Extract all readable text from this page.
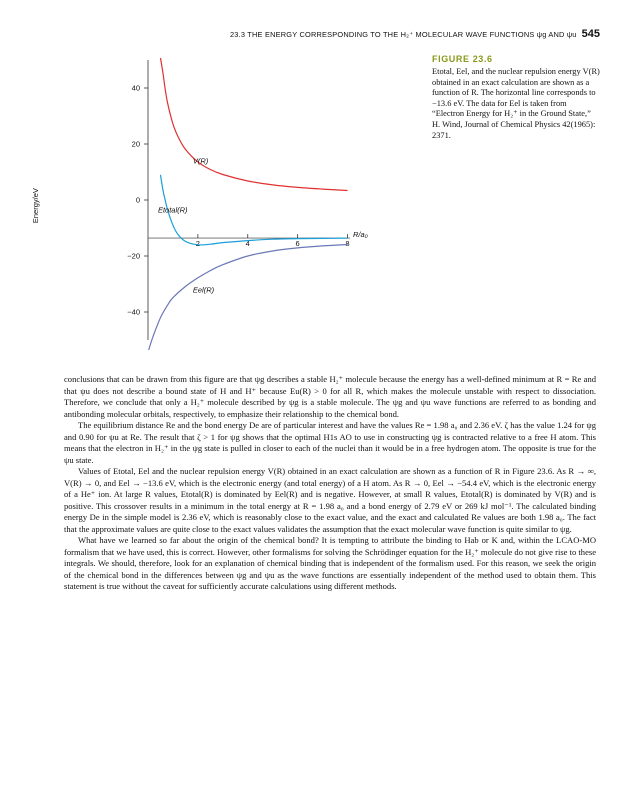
23.3 THE ENERGY CORRESPONDING TO THE H₂⁺ MOLECULAR WAVE FUNCTIONS ψg AND ψu 545
FIGURE 23.6
Etotal, Eel, and the nuclear repulsion energy V(R) obtained in an exact calculation are shown as a function of R. The horizontal line corresponds to −13.6 eV. The data for Eel is taken from “Electron Energy for H₂⁺ in the Ground State,” H. Wind, Journal of Chemical Physics 42(1965): 2371.
40
20
0
−20
−40
Energy/eV
2	4	6	8
R/a₀
V(R)
Etotal(R)
Eel(R)

conclusions that can be drawn from this figure are that ψg describes a stable H₂⁺ molecule because the energy has a well-defined minimum at R = Re and that ψu does not describe a bound state of H and H⁺ because Eu(R) > 0 for all R, which makes the molecule unstable with respect to dissociation. Therefore, we conclude that only a H₂⁺ molecule described by ψg is a stable molecule. The ψg and ψu wave functions are referred to as bonding and antibonding molecular orbitals, respectively, to emphasize their relationship to the chemical bond.

The equilibrium distance Re and the bond energy De are of particular interest and have the values Re = 1.98 a₀ and 2.36 eV. ζ has the value 1.24 for ψg and 0.90 for ψu at Re. The result that ζ > 1 for ψg shows that the optimal H1s AO to use in constructing ψg is contracted relative to a free H atom. This means that the electron in H₂⁺ in the ψg state is pulled in closer to each of the nuclei than it would be in a free hydrogen atom. The opposite is true for the ψu state.

Values of Etotal, Eel and the nuclear repulsion energy V(R) obtained in an exact calculation are shown as a function of R in Figure 23.6. As R → ∞, V(R) → 0, and Eel → −13.6 eV, which is the electronic energy (and total energy) of a H atom. As R → 0, Eel → −54.4 eV, which is the electronic energy of a He⁺ ion. At large R values, Etotal(R) is dominated by Eel(R) and is negative. However, at small R values, Etotal(R) is dominated by V(R) and is positive. This crossover results in a minimum in the total energy at R = 1.98 a₀ and a bond energy of 2.79 eV or 269 kJ mol⁻¹. The calculated binding energy De in the simple model is 2.36 eV, which is reasonably close to the exact value, and the exact and calculated Re values are both 1.98 a₀. The fact that the approximate values are quite close to the exact values validates the assumption that the exact molecular wave function is quite similar to ψg.

What have we learned so far about the origin of the chemical bond? It is tempting to attribute the binding to Hab or K and, within the LCAO-MO formalism that we have used, this is correct. However, other formalisms for solving the Schrödinger equation for the H₂⁺ molecule do not give rise to these integrals. We should, therefore, look for an explanation of chemical binding that is independent of the formalism used. For this reason, we seek the origin of the chemical bond in the differences between ψg and ψu as the wave functions are essentially independent of the method used to obtain them. This statement is true without the caveat for sufficiently accurate calculations using different methods.
